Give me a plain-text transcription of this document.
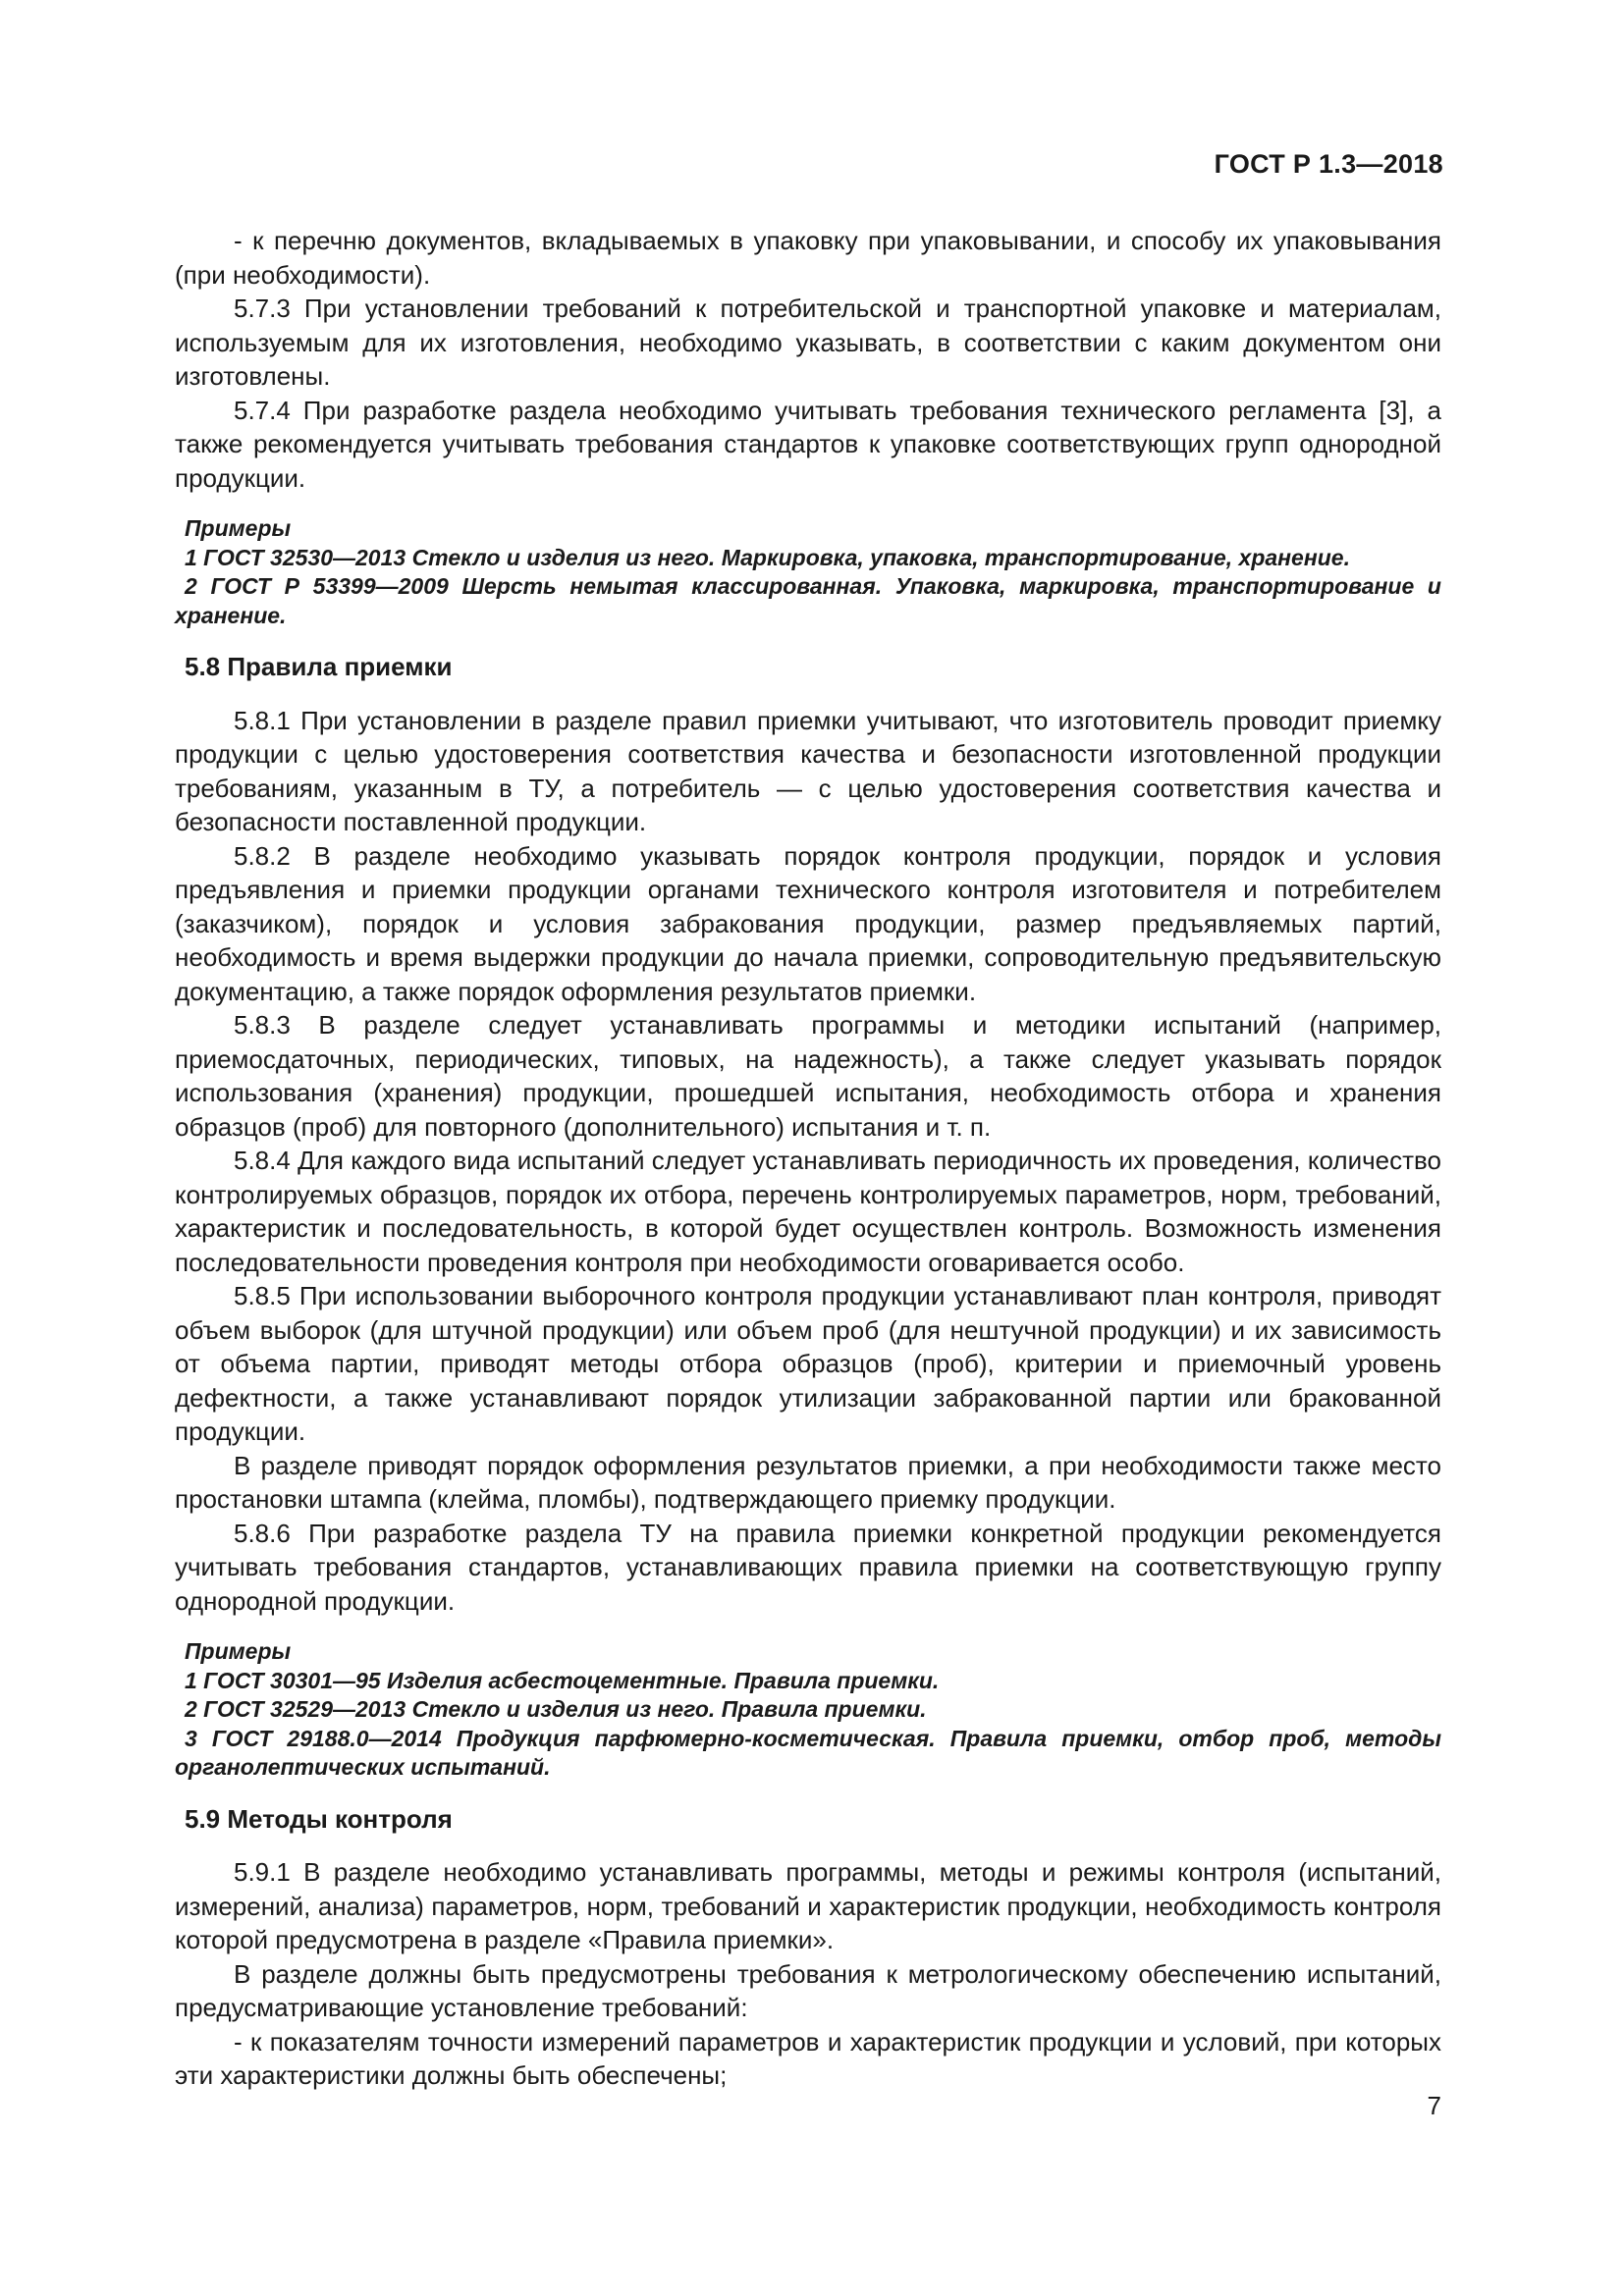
ГОСТ Р 1.3—2018

- к перечню документов, вкладываемых в упаковку при упаковывании, и способу их упаковывания (при необходимости).

5.7.3 При установлении требований к потребительской и транспортной упаковке и материалам, используемым для их изготовления, необходимо указывать, в соответствии с каким документом они изготовлены.

5.7.4 При разработке раздела необходимо учитывать требования технического регламента [3], а также рекомендуется учитывать требования стандартов к упаковке соответствующих групп однородной продукции.

Примеры

1 ГОСТ 32530—2013 Стекло и изделия из него. Маркировка, упаковка, транспортирование, хранение.

2 ГОСТ Р 53399—2009 Шерсть немытая классированная. Упаковка, маркировка, транспортирование и хранение.

5.8 Правила приемки

5.8.1 При установлении в разделе правил приемки учитывают, что изготовитель проводит приемку продукции с целью удостоверения соответствия качества и безопасности изготовленной продукции требованиям, указанным в ТУ, а потребитель — с целью удостоверения соответствия качества и безопасности поставленной продукции.

5.8.2 В разделе необходимо указывать порядок контроля продукции, порядок и условия предъявления и приемки продукции органами технического контроля изготовителя и потребителем (заказчиком), порядок и условия забракования продукции, размер предъявляемых партий, необходимость и время выдержки продукции до начала приемки, сопроводительную предъявительскую документацию, а также порядок оформления результатов приемки.

5.8.3 В разделе следует устанавливать программы и методики испытаний (например, приемосдаточных, периодических, типовых, на надежность), а также следует указывать порядок использования (хранения) продукции, прошедшей испытания, необходимость отбора и хранения образцов (проб) для повторного (дополнительного) испытания и т. п.

5.8.4 Для каждого вида испытаний следует устанавливать периодичность их проведения, количество контролируемых образцов, порядок их отбора, перечень контролируемых параметров, норм, требований, характеристик и последовательность, в которой будет осуществлен контроль. Возможность изменения последовательности проведения контроля при необходимости оговаривается особо.

5.8.5 При использовании выборочного контроля продукции устанавливают план контроля, приводят объем выборок (для штучной продукции) или объем проб (для нештучной продукции) и их зависимость от объема партии, приводят методы отбора образцов (проб), критерии и приемочный уровень дефектности, а также устанавливают порядок утилизации забракованной партии или бракованной продукции.

В разделе приводят порядок оформления результатов приемки, а при необходимости также место простановки штампа (клейма, пломбы), подтверждающего приемку продукции.

5.8.6 При разработке раздела ТУ на правила приемки конкретной продукции рекомендуется учитывать требования стандартов, устанавливающих правила приемки на соответствующую группу однородной продукции.

Примеры

1 ГОСТ 30301—95 Изделия асбестоцементные. Правила приемки.

2 ГОСТ 32529—2013 Стекло и изделия из него. Правила приемки.

3 ГОСТ 29188.0—2014 Продукция парфюмерно-косметическая. Правила приемки, отбор проб, методы органолептических испытаний.

5.9 Методы контроля

5.9.1 В разделе необходимо устанавливать программы, методы и режимы контроля (испытаний, измерений, анализа) параметров, норм, требований и характеристик продукции, необходимость контроля которой предусмотрена в разделе «Правила приемки».

В разделе должны быть предусмотрены требования к метрологическому обеспечению испытаний, предусматривающие установление требований:

- к показателям точности измерений параметров и характеристик продукции и условий, при которых эти характеристики должны быть обеспечены;

7
